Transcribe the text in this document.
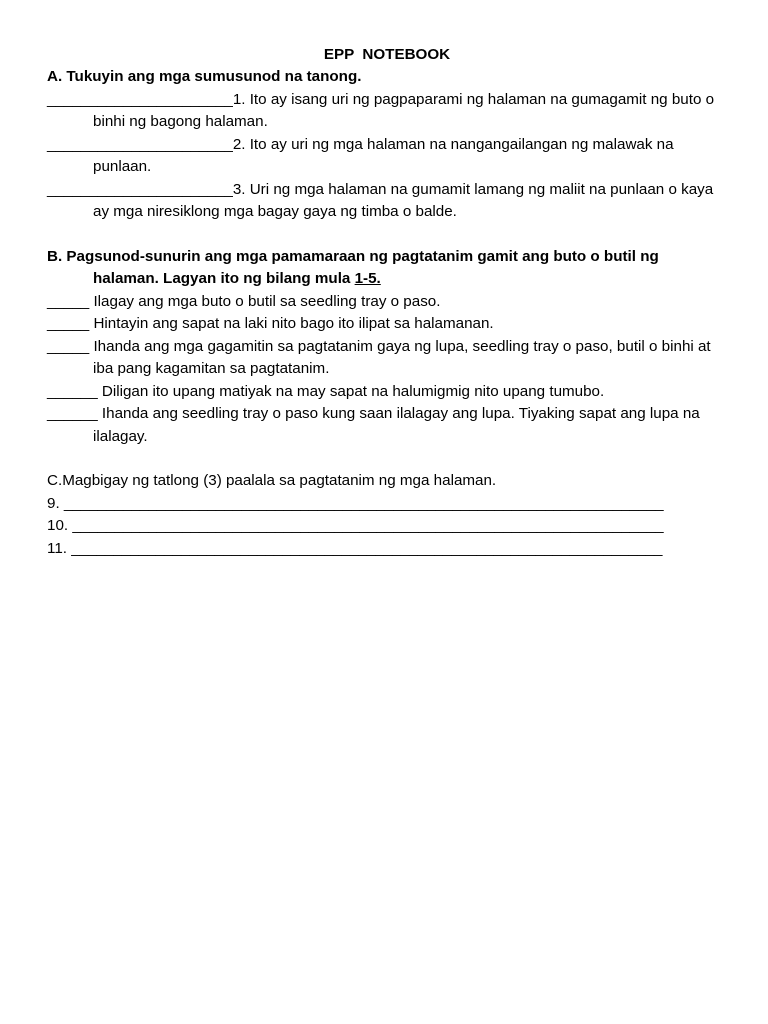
EPP  NOTEBOOK

A. Tukuyin ang mga sumusunod na tanong.

______________________1. Ito ay isang uri ng pagpaparami ng halaman na gumagamit ng buto o binhi ng bagong halaman.

______________________2. Ito ay uri ng mga halaman na nangangailangan ng malawak na punlaan.

______________________3. Uri ng mga halaman na gumamit lamang ng maliit na punlaan o kaya ay mga niresiklong mga bagay gaya ng timba o balde.

B. Pagsunod-sunurin ang mga pamamaraan ng pagtatanim gamit ang buto o butil ng halaman. Lagyan ito ng bilang mula 1-5.

_____ Ilagay ang mga buto o butil sa seedling tray o paso.

_____ Hintayin ang sapat na laki nito bago ito ilipat sa halamanan.

_____ Ihanda ang mga gagamitin sa pagtatanim gaya ng lupa, seedling tray o paso, butil o binhi at iba pang kagamitan sa pagtatanim.

______ Diligan ito upang matiyak na may sapat na halumigmig nito upang tumubo.

______ Ihanda ang seedling tray o paso kung saan ilalagay ang lupa. Tiyaking sapat ang lupa na ilalagay.

C.Magbigay ng tatlong (3) paalala sa pagtatanim ng mga halaman.

9. _______________________________________________________________________

10. ______________________________________________________________________

11. ______________________________________________________________________
